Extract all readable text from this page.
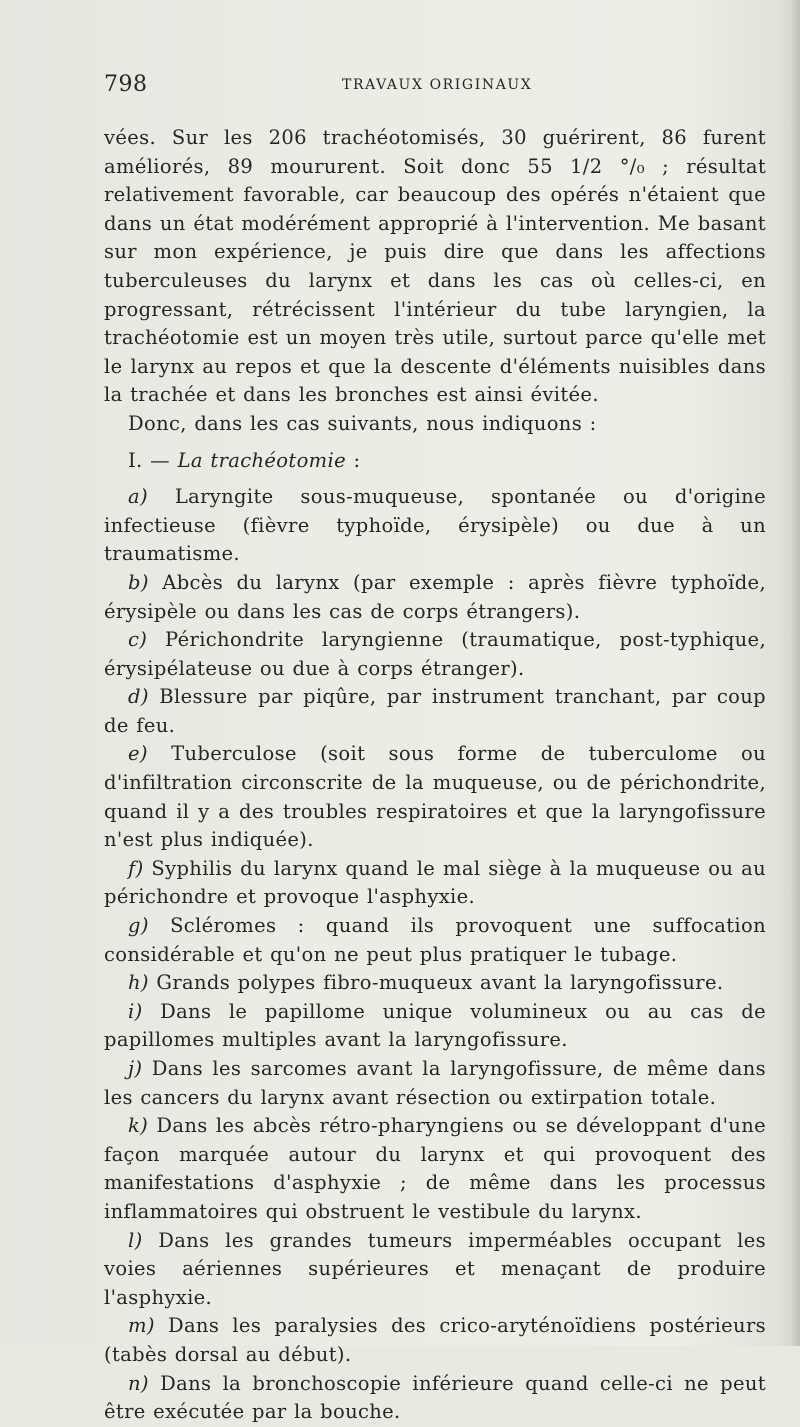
798	TRAVAUX ORIGINAUX

vées. Sur les 206 trachéotomisés, 30 guérirent, 86 furent améliorés, 89 moururent. Soit donc 55 1/2 °/₀ ; résultat relativement favorable, car beaucoup des opérés n'étaient que dans un état modérément approprié à l'intervention. Me basant sur mon expérience, je puis dire que dans les affections tuberculeuses du larynx et dans les cas où celles-ci, en progressant, rétrécissent l'intérieur du tube laryngien, la trachéotomie est un moyen très utile, surtout parce qu'elle met le larynx au repos et que la descente d'éléments nuisibles dans la trachée et dans les bronches est ainsi évitée.

Donc, dans les cas suivants, nous indiquons :

I. — La trachéotomie :

a) Laryngite sous-muqueuse, spontanée ou d'origine infectieuse (fièvre typhoïde, érysipèle) ou due à un traumatisme.

b) Abcès du larynx (par exemple : après fièvre typhoïde, érysipèle ou dans les cas de corps étrangers).

c) Périchondrite laryngienne (traumatique, post-typhique, érysipélateuse ou due à corps étranger).

d) Blessure par piqûre, par instrument tranchant, par coup de feu.

e) Tuberculose (soit sous forme de tuberculome ou d'infiltration circonscrite de la muqueuse, ou de périchondrite, quand il y a des troubles respiratoires et que la laryngofissure n'est plus indiquée).

f) Syphilis du larynx quand le mal siège à la muqueuse ou au périchondre et provoque l'asphyxie.

g) Scléromes : quand ils provoquent une suffocation considérable et qu'on ne peut plus pratiquer le tubage.

h) Grands polypes fibro-muqueux avant la laryngofissure.

i) Dans le papillome unique volumineux ou au cas de papillomes multiples avant la laryngofissure.

j) Dans les sarcomes avant la laryngofissure, de même dans les cancers du larynx avant résection ou extirpation totale.

k) Dans les abcès rétro-pharyngiens ou se développant d'une façon marquée autour du larynx et qui provoquent des manifestations d'asphyxie ; de même dans les processus inflammatoires qui obstruent le vestibule du larynx.

l) Dans les grandes tumeurs imperméables occupant les voies aériennes supérieures et menaçant de produire l'asphyxie.

m) Dans les paralysies des crico-aryténoïdiens postérieurs (tabès dorsal au début).

n) Dans la bronchoscopie inférieure quand celle-ci ne peut être exécutée par la bouche.
